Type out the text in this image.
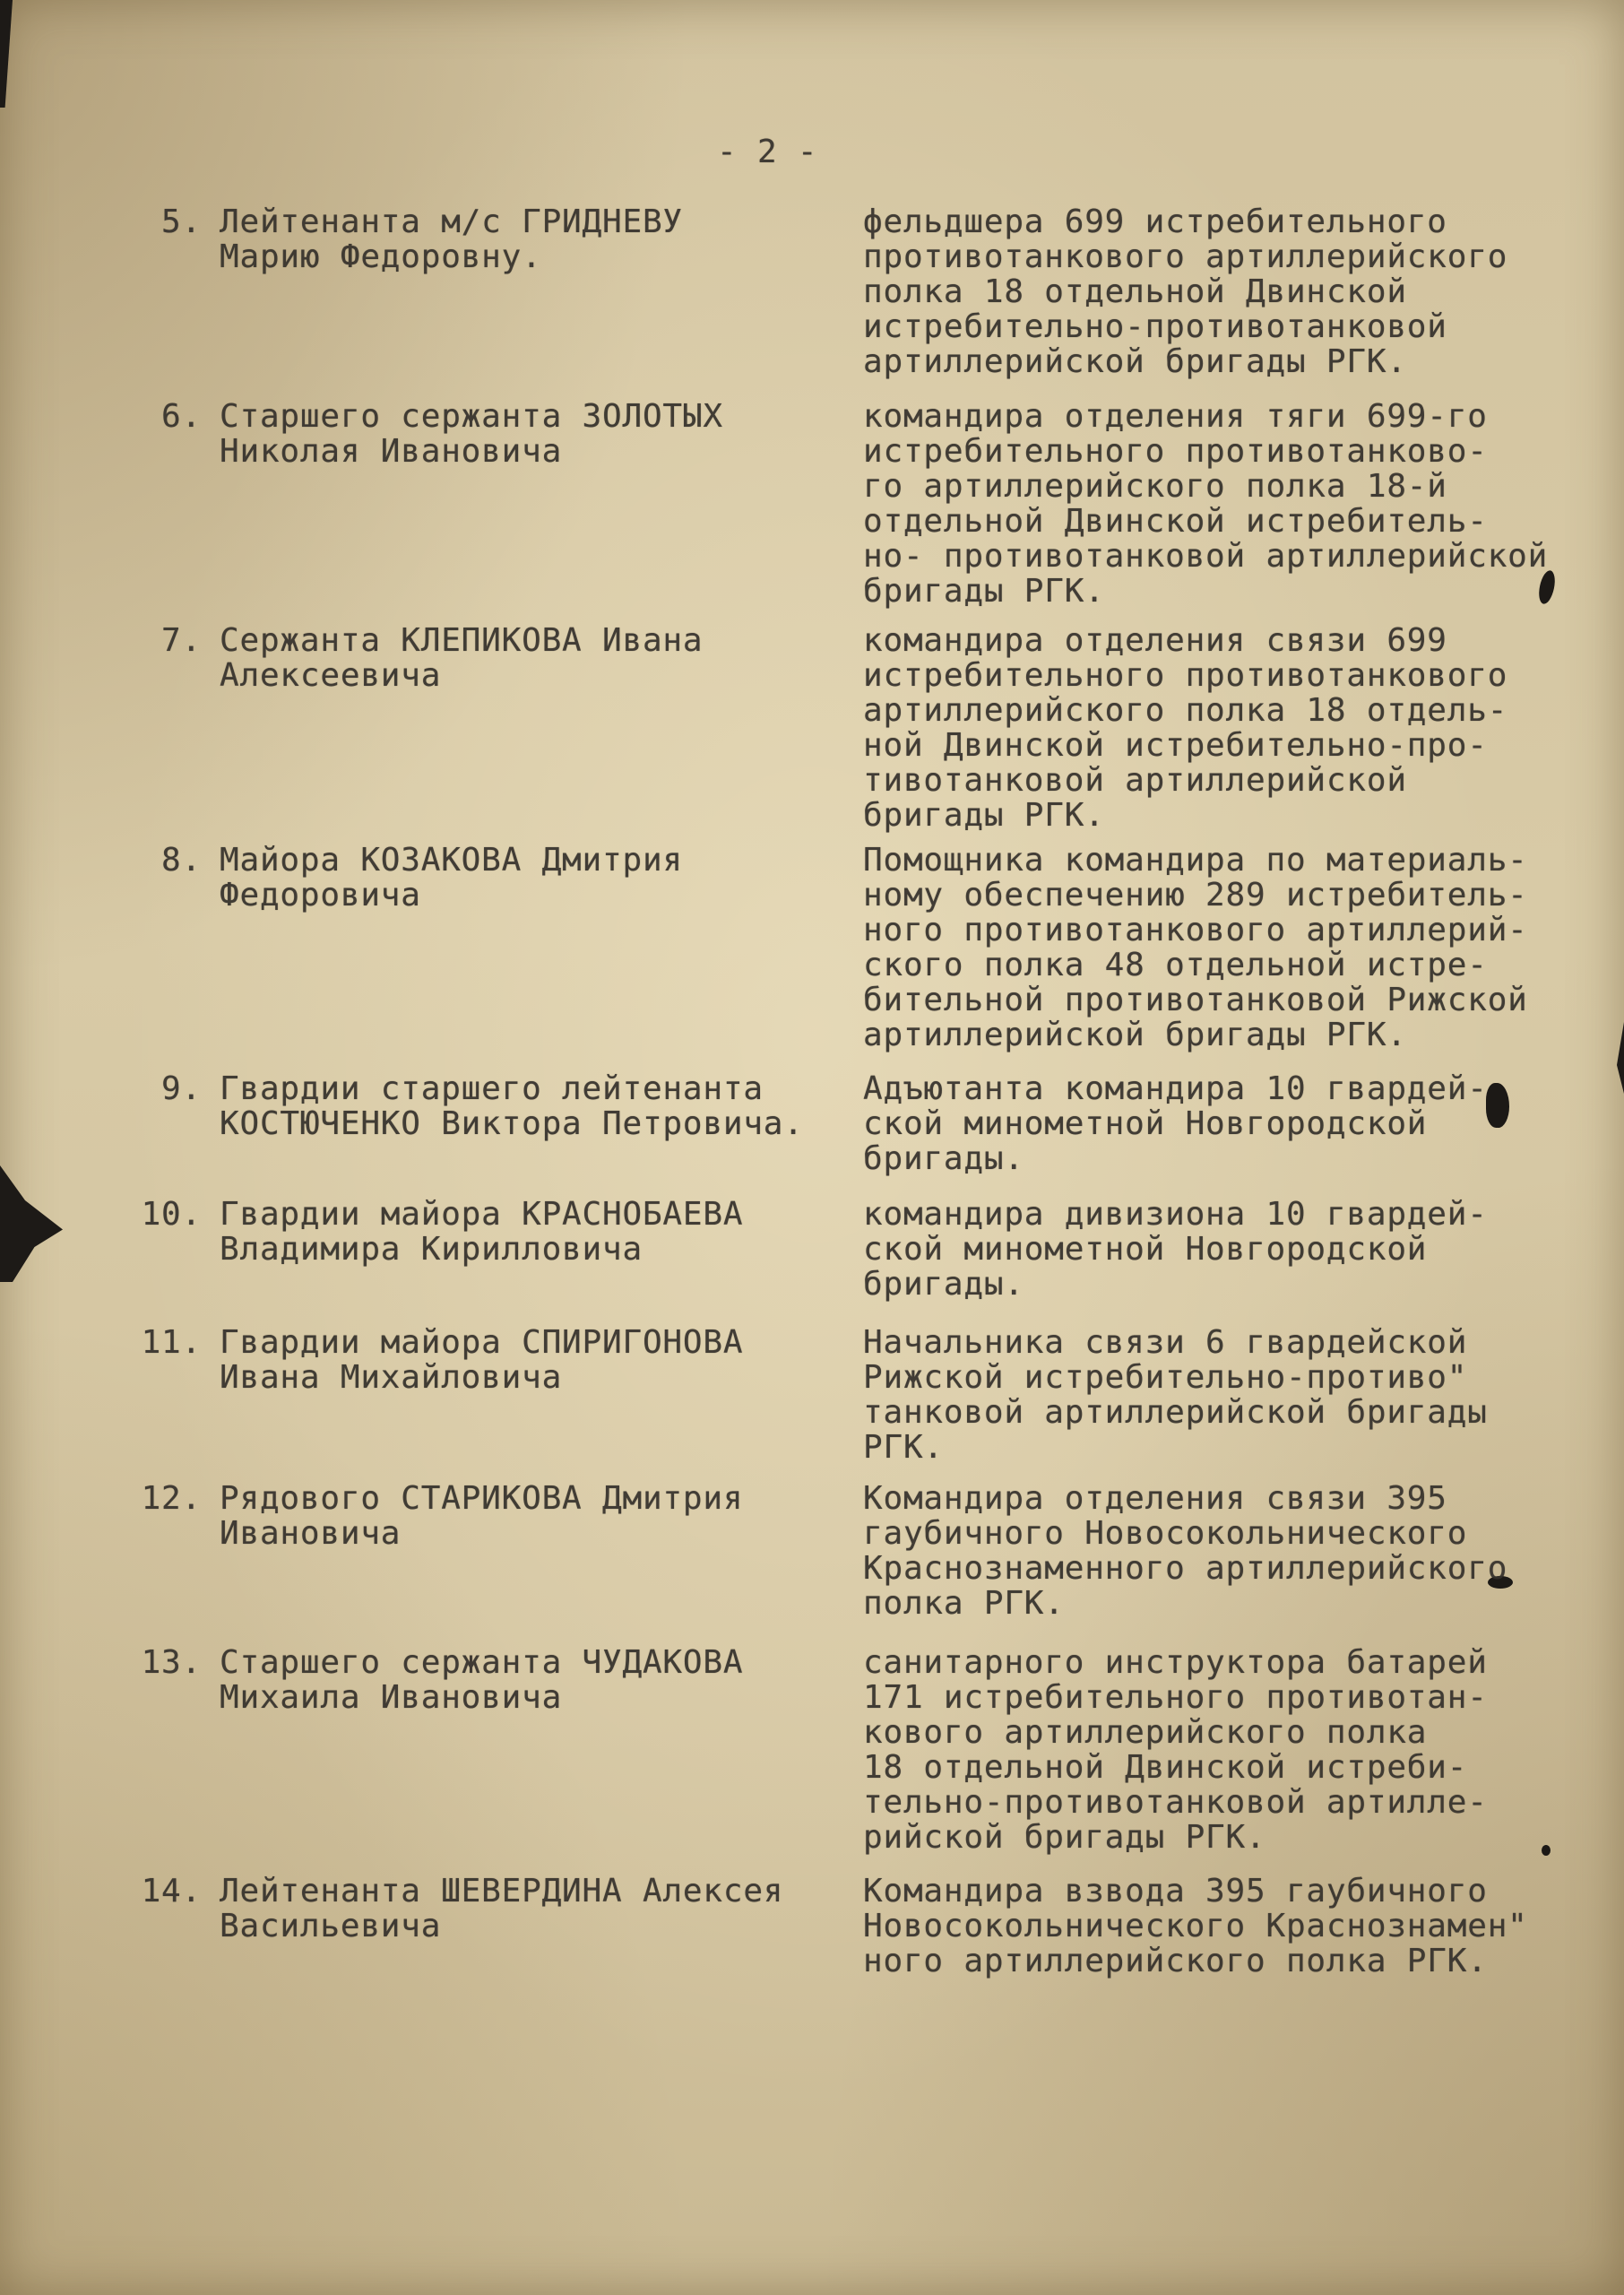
- 2 -
5. Лейтенанта м/с ГРИДНЕВУ
Марию Федоровну.
фельдшера 699 истребительного
противотанкового артиллерийского
полка 18 отдельной Двинской
истребительно-противотанковой
артиллерийской бригады РГК.
6. Старшего сержанта ЗОЛОТЫХ
Николая Ивановича
командира отделения тяги 699-го
истребительного противотанково-
го артиллерийского полка 18-й
отдельной Двинской истребитель-
но- противотанковой артиллерийской
бригады РГК.
7. Сержанта КЛЕПИКОВА Ивана
Алексеевича
командира отделения связи 699
истребительного противотанкового
артиллерийского полка 18 отдель-
ной Двинской истребительно-про-
тивотанковой артиллерийской
бригады РГК.
8. Майора КОЗАКОВА Дмитрия
Федоровича
Помощника командира по материаль-
ному обеспечению 289 истребитель-
ного противотанкового артиллерий-
ского полка 48 отдельной истре-
бительной противотанковой Рижской
артиллерийской бригады РГК.
9. Гвардии старшего лейтенанта
КОСТЮЧЕНКО Виктора Петровича.
Адъютанта командира 10 гвардей-
ской минометной Новгородской
бригады.
10. Гвардии майора КРАСНОБАЕВА
Владимира Кирилловича
командира дивизиона 10 гвардей-
ской минометной Новгородской
бригады.
11. Гвардии майора СПИРИГОНОВА
Ивана Михайловича
Начальника связи 6 гвардейской
Рижской истребительно-противо"
танковой артиллерийской бригады
РГК.
12. Рядового СТАРИКОВА Дмитрия
Ивановича
Командира отделения связи 395
гаубичного Новосокольнического
Краснознаменного артиллерийского
полка РГК.
13. Старшего сержанта ЧУДАКОВА
Михаила Ивановича
санитарного инструктора батарей
171 истребительного противотан-
кового артиллерийского полка
18 отдельной Двинской истреби-
тельно-противотанковой артилле-
рийской бригады РГК.
14. Лейтенанта ШЕВЕРДИНА Алексея
Васильевича
Командира взвода 395 гаубичного
Новосокольнического Краснознамен"
ного артиллерийского полка РГК.
